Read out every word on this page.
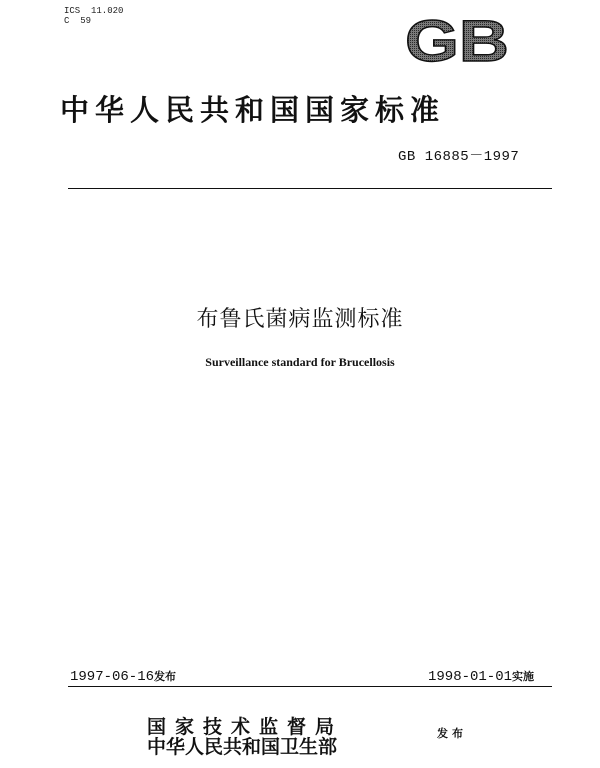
ICS  11.020
C  59	GB
中华人民共和国国家标准
GB 16885－1997
布鲁氏菌病监测标准
Surveillance standard for Brucellosis
1997-06-16发布	1998-01-01实施
国家技术监督局
中华人民共和国卫生部
发布
